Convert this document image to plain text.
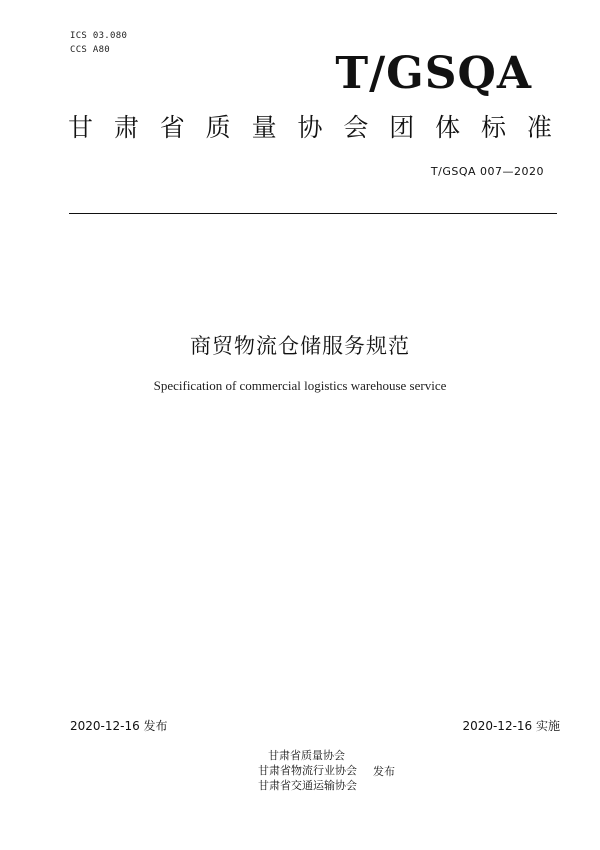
ICS 03.080
CCS A80	T/GSQA
甘 肃 省 质 量 协 会 团 体 标 准
T/GSQA 007—2020
商贸物流仓储服务规范
Specification of commercial logistics warehouse service
2020-12-16 发布	2020-12-16 实施
甘肃省质量协会
甘肃省物流行业协会
甘肃省交通运输协会
发布
